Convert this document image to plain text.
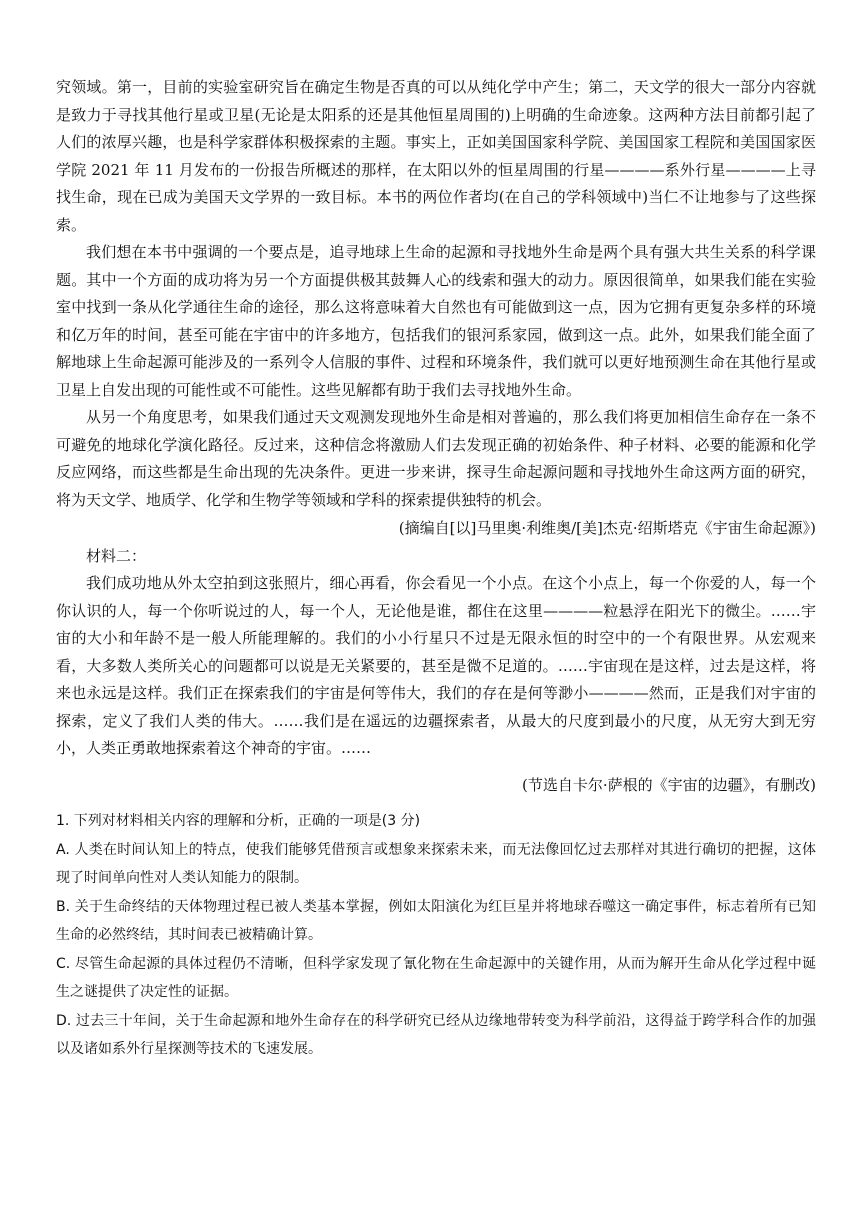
究领域。第一，目前的实验室研究旨在确定生物是否真的可以从纯化学中产生；第二，天文学的很大一部分内容就是致力于寻找其他行星或卫星(无论是太阳系的还是其他恒星周围的)上明确的生命迹象。这两种方法目前都引起了人们的浓厚兴趣，也是科学家群体积极探索的主题。事实上，正如美国国家科学院、美国国家工程院和美国国家医学院 2021 年 11 月发布的一份报告所概述的那样，在太阳以外的恒星周围的行星————系外行星————上寻找生命，现在已成为美国天文学界的一致目标。本书的两位作者均(在自己的学科领域中)当仁不让地参与了这些探索。

我们想在本书中强调的一个要点是，追寻地球上生命的起源和寻找地外生命是两个具有强大共生关系的科学课题。其中一个方面的成功将为另一个方面提供极其鼓舞人心的线索和强大的动力。原因很简单，如果我们能在实验室中找到一条从化学通往生命的途径，那么这将意味着大自然也有可能做到这一点，因为它拥有更复杂多样的环境和亿万年的时间，甚至可能在宇宙中的许多地方，包括我们的银河系家园，做到这一点。此外，如果我们能全面了解地球上生命起源可能涉及的一系列令人信服的事件、过程和环境条件，我们就可以更好地预测生命在其他行星或卫星上自发出现的可能性或不可能性。这些见解都有助于我们去寻找地外生命。

从另一个角度思考，如果我们通过天文观测发现地外生命是相对普遍的，那么我们将更加相信生命存在一条不可避免的地球化学演化路径。反过来，这种信念将激励人们去发现正确的初始条件、种子材料、必要的能源和化学反应网络，而这些都是生命出现的先决条件。更进一步来讲，探寻生命起源问题和寻找地外生命这两方面的研究，将为天文学、地质学、化学和生物学等领域和学科的探索提供独特的机会。

(摘编自[以]马里奥·利维奥/[美]杰克·绍斯塔克《宇宙生命起源》)

材料二：

我们成功地从外太空拍到这张照片，细心再看，你会看见一个小点。在这个小点上，每一个你爱的人，每一个你认识的人，每一个你听说过的人，每一个人，无论他是谁，都住在这里————粒悬浮在阳光下的微尘。……宇宙的大小和年龄不是一般人所能理解的。我们的小小行星只不过是无限永恒的时空中的一个有限世界。从宏观来看，大多数人类所关心的问题都可以说是无关紧要的，甚至是微不足道的。……宇宙现在是这样，过去是这样，将来也永远是这样。我们正在探索我们的宇宙是何等伟大，我们的存在是何等渺小————然而，正是我们对宇宙的探索，定义了我们人类的伟大。……我们是在遥远的边疆探索者，从最大的尺度到最小的尺度，从无穷大到无穷小，人类正勇敢地探索着这个神奇的宇宙。……

(节选自卡尔·萨根的《宇宙的边疆》，有删改)

1. 下列对材料相关内容的理解和分析，正确的一项是(3 分)

A. 人类在时间认知上的特点，使我们能够凭借预言或想象来探索未来，而无法像回忆过去那样对其进行确切的把握，这体现了时间单向性对人类认知能力的限制。

B. 关于生命终结的天体物理过程已被人类基本掌握，例如太阳演化为红巨星并将地球吞噬这一确定事件，标志着所有已知生命的必然终结，其时间表已被精确计算。

C. 尽管生命起源的具体过程仍不清晰，但科学家发现了氰化物在生命起源中的关键作用，从而为解开生命从化学过程中诞生之谜提供了决定性的证据。

D. 过去三十年间，关于生命起源和地外生命存在的科学研究已经从边缘地带转变为科学前沿，这得益于跨学科合作的加强以及诸如系外行星探测等技术的飞速发展。
